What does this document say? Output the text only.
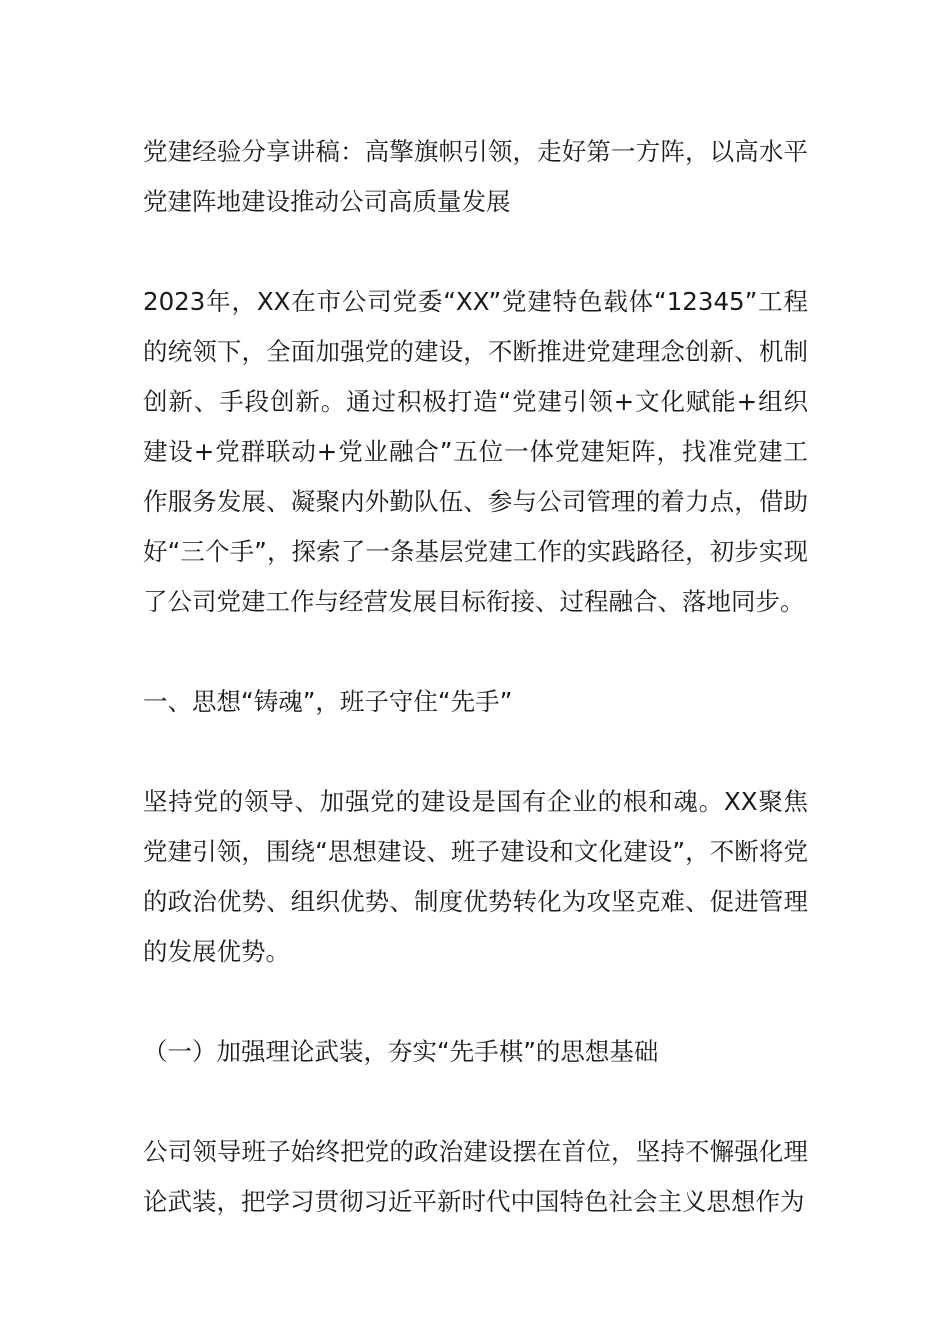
党建经验分享讲稿：高擎旗帜引领，走好第一方阵，以高水平党建阵地建设推动公司高质量发展

2023年，XX在市公司党委“XX”党建特色载体“12345”工程的统领下，全面加强党的建设，不断推进党建理念创新、机制创新、手段创新。通过积极打造“党建引领+文化赋能+组织建设+党群联动+党业融合”五位一体党建矩阵，找准党建工作服务发展、凝聚内外勤队伍、参与公司管理的着力点，借助好“三个手”，探索了一条基层党建工作的实践路径，初步实现了公司党建工作与经营发展目标衔接、过程融合、落地同步。

一、思想“铸魂”，班子守住“先手”

坚持党的领导、加强党的建设是国有企业的根和魂。XX聚焦党建引领，围绕“思想建设、班子建设和文化建设”，不断将党的政治优势、组织优势、制度优势转化为攻坚克难、促进管理的发展优势。

（一）加强理论武装，夯实“先手棋”的思想基础

公司领导班子始终把党的政治建设摆在首位，坚持不懈强化理论武装，把学习贯彻习近平新时代中国特色社会主义思想作为
